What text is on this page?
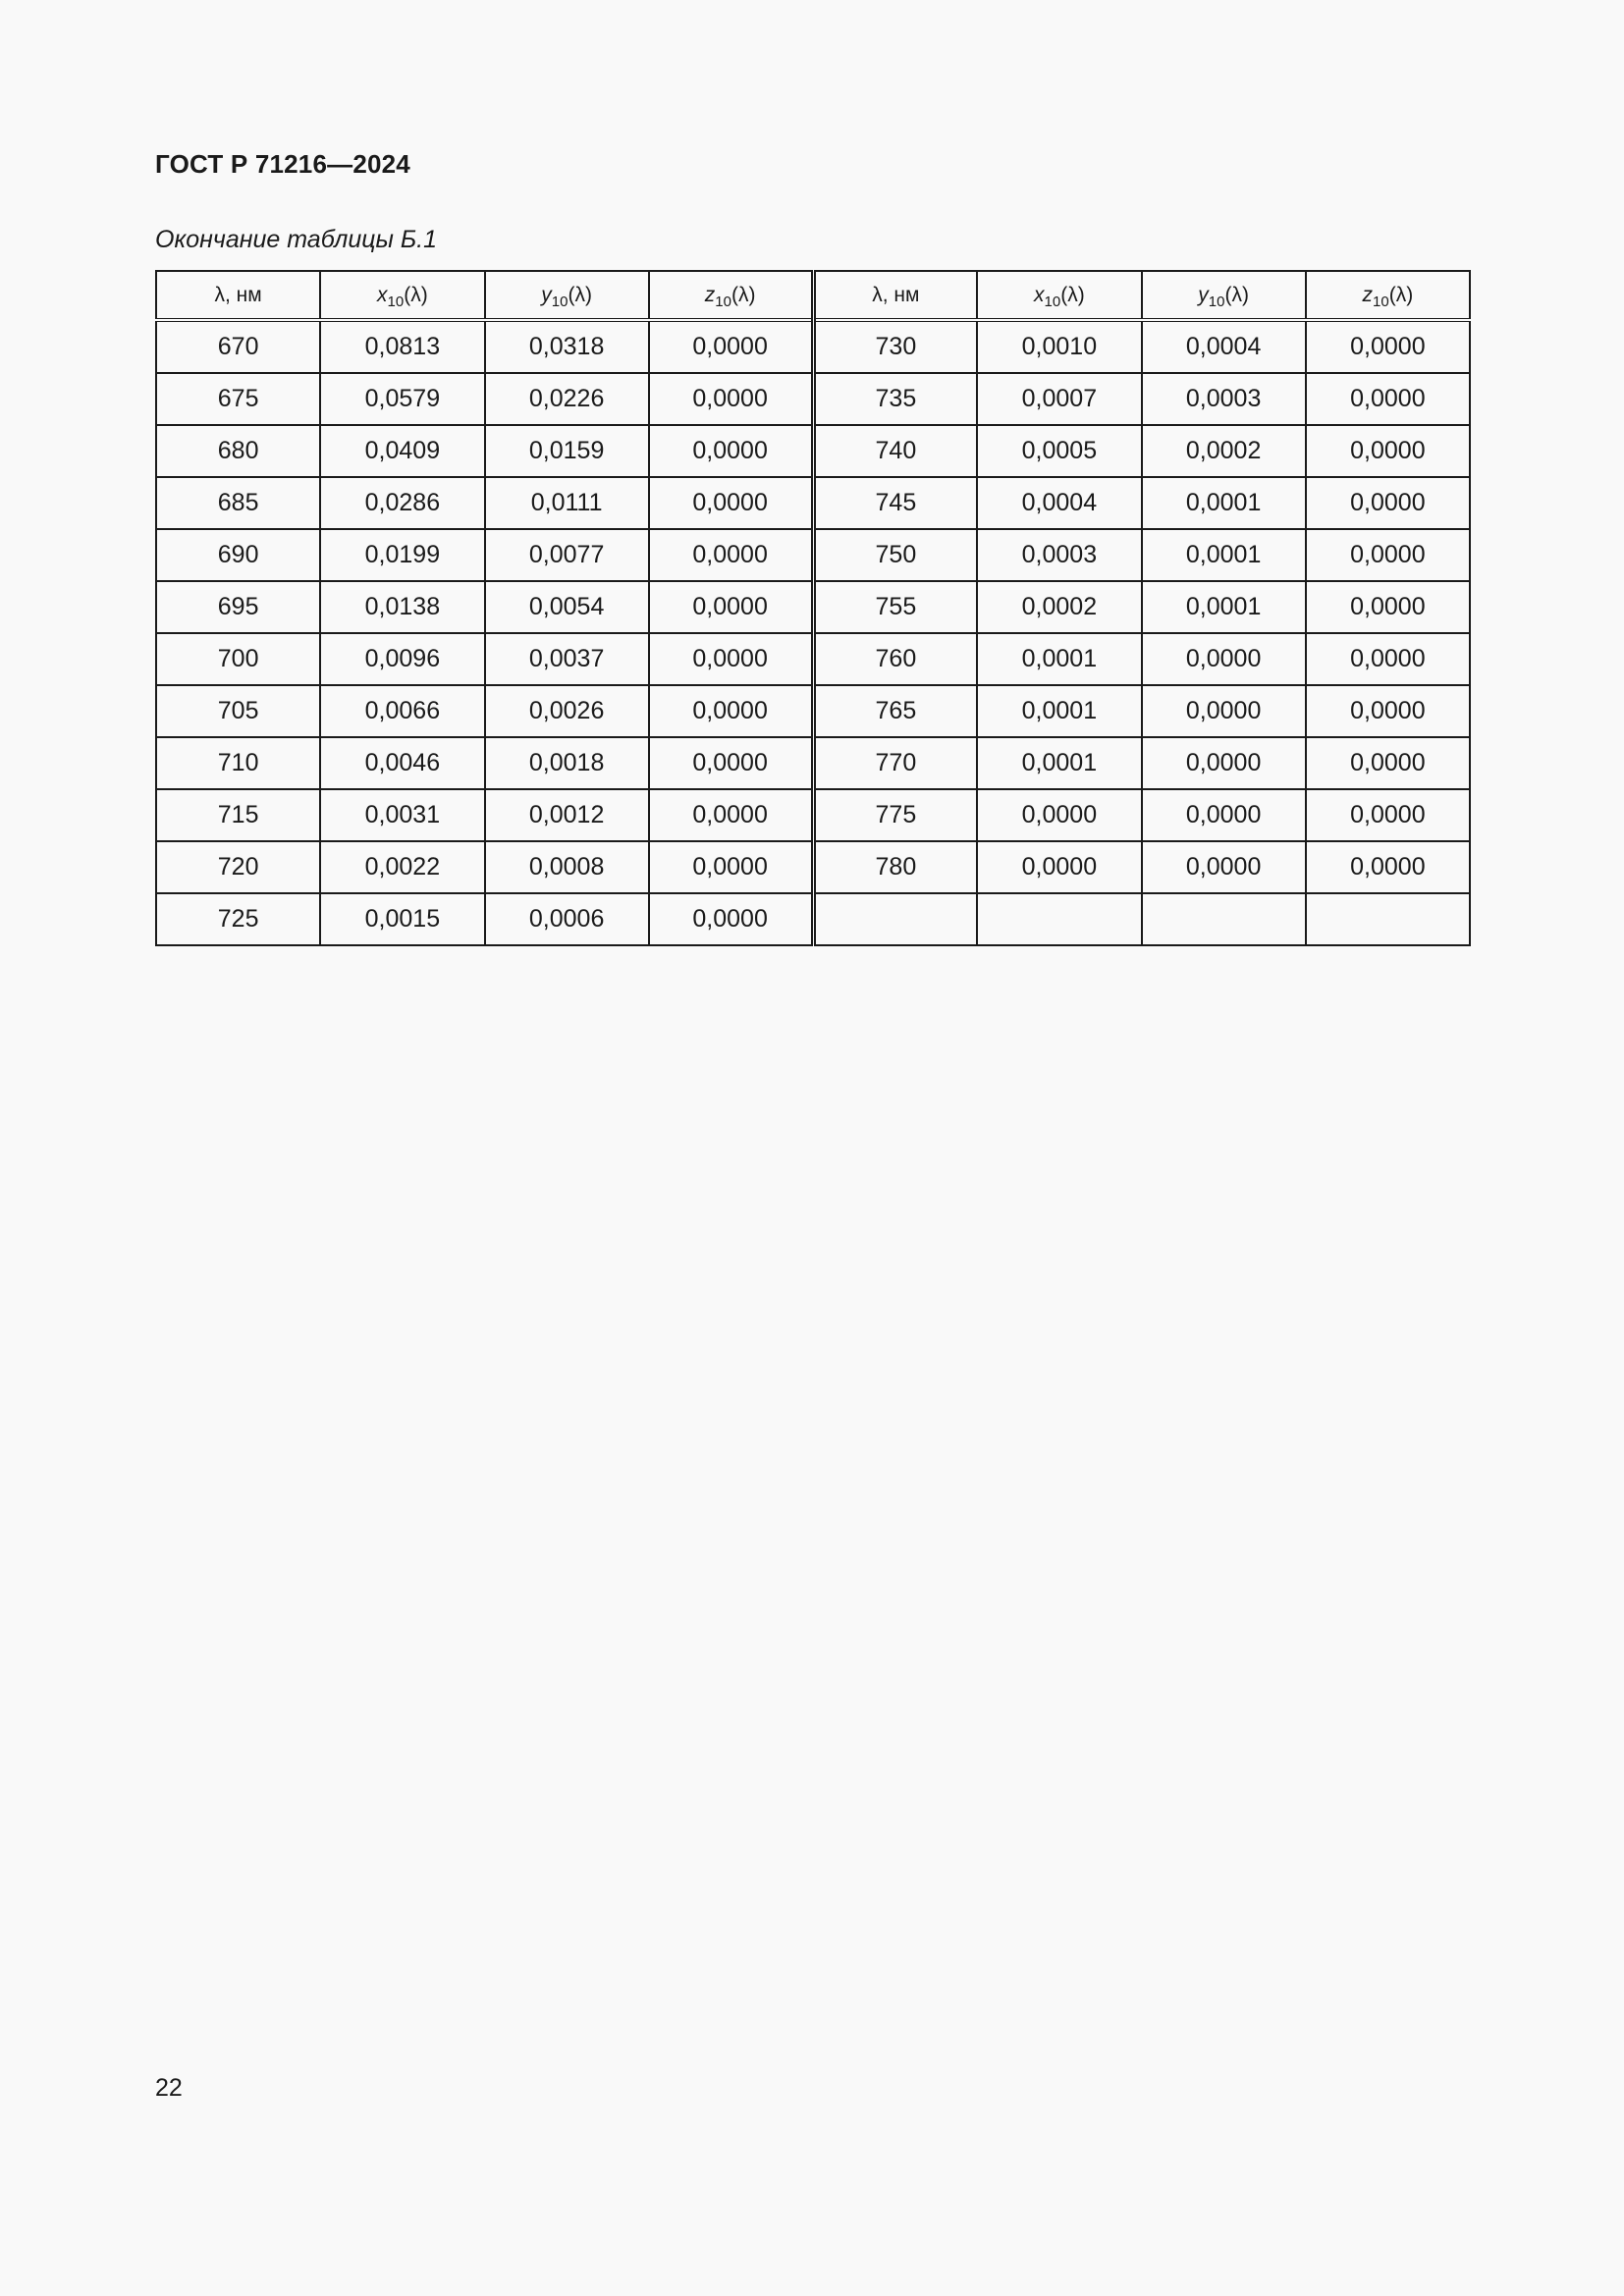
ГОСТ Р 71216—2024
Окончание таблицы Б.1
λ, нм	$x_{10}(\lambda)$	$y_{10}(\lambda)$	$z_{10}(\lambda)$	λ, нм	$x_{10}(\lambda)$	$y_{10}(\lambda)$	$z_{10}(\lambda)$
670	0,0813	0,0318	0,0000	730	0,0010	0,0004	0,0000
675	0,0579	0,0226	0,0000	735	0,0007	0,0003	0,0000
680	0,0409	0,0159	0,0000	740	0,0005	0,0002	0,0000
685	0,0286	0,0111	0,0000	745	0,0004	0,0001	0,0000
690	0,0199	0,0077	0,0000	750	0,0003	0,0001	0,0000
695	0,0138	0,0054	0,0000	755	0,0002	0,0001	0,0000
700	0,0096	0,0037	0,0000	760	0,0001	0,0000	0,0000
705	0,0066	0,0026	0,0000	765	0,0001	0,0000	0,0000
710	0,0046	0,0018	0,0000	770	0,0001	0,0000	0,0000
715	0,0031	0,0012	0,0000	775	0,0000	0,0000	0,0000
720	0,0022	0,0008	0,0000	780	0,0000	0,0000	0,0000
725	0,0015	0,0006	0,0000				
22
